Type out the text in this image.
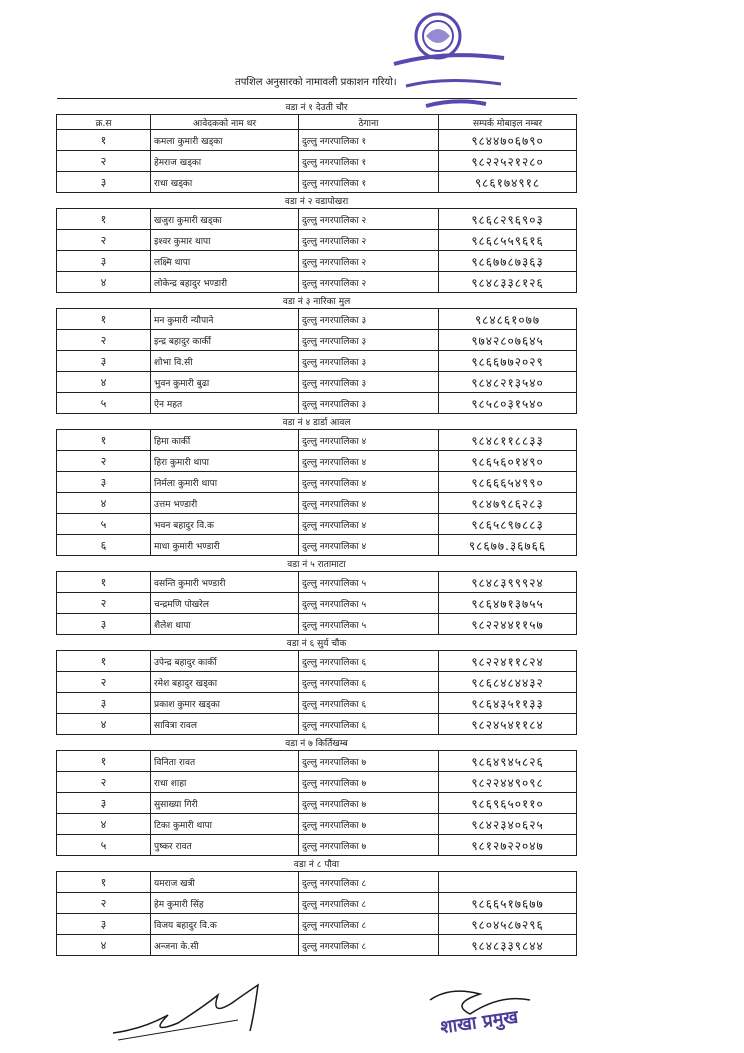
तपशिल अनुसारको नामावली प्रकाशन गरियो।
वडा नं १ देउती चौर			
क्र.स	आवेदकको नाम थर	ठेगाना	सम्पर्क मोबाइल नम्बर
१	कमला कुमारी खड्का	दुल्लु नगरपालिका १	९८४४७०६७९०
२	हेमराज खड्का	दुल्लु नगरपालिका १	९८२२५२१२८०
३	राधा खड्का	दुल्लु नगरपालिका १	९८६१७४९१८
वडा नं २ वडापोखरा			
१	खजुरा कुमारी खड्का	दुल्लु नगरपालिका २	९८६८२९६९०३
२	इश्वर कुमार थापा	दुल्लु नगरपालिका २	९८६८५५९६१६
३	लक्ष्मि थापा	दुल्लु नगरपालिका २	९८६७७८७३६३
४	लोकेन्द्र बहादुर भण्डारी	दुल्लु नगरपालिका २	९८४८३३८१२६
वडा नं ३ नारिका मुल			
१	मन कुमारी न्यौपाने	दुल्लु नगरपालिका ३	९८४८६१०७७
२	इन्द्र बहादुर कार्की	दुल्लु नगरपालिका ३	९७४२८०७६४५
३	शोभा वि.सी	दुल्लु नगरपालिका ३	९८६६७७२०२९
४	भुवन कुमारी बुढा	दुल्लु नगरपालिका ३	९८४८२१३५४०
५	ऐन महत	दुल्लु नगरपालिका ३	९८५८०३१५४०
वडा नं ४ डार्डा आवल			
१	हिमा कार्की	दुल्लु नगरपालिका ४	९८४८११८८३३
२	हिरा कुमारी थापा	दुल्लु नगरपालिका ४	९८६५६०१४९०
३	निर्मला कुमारी थापा	दुल्लु नगरपालिका ४	९८६६६५४९९०
४	उत्तम भण्डारी	दुल्लु नगरपालिका ४	९८४७९८६२८३
५	भवन बहादुर वि.क	दुल्लु नगरपालिका ४	९८६५८९७८८३
६	माधा कुमारी भण्डारी	दुल्लु नगरपालिका ४	९८६७७.३६७६६
वडा नं ५ रातामाटा			
१	वसन्ति कुमारी भण्डारी	दुल्लु नगरपालिका ५	९८४८३९९९२४
२	चन्द्रमणि पोखरेल	दुल्लु नगरपालिका ५	९८६४७१३७५५
३	शैलेश थापा	दुल्लु नगरपालिका ५	९८२२४४११५७
वडा नं ६ सुर्य चौक			
१	उपेन्द्र बहादुर कार्की	दुल्लु नगरपालिका ६	९८२२४११८२४
२	रमेश बहादुर खड्का	दुल्लु नगरपालिका ६	९८६८४८४४३२
३	प्रकाश कुमार खड्का	दुल्लु नगरपालिका ६	९८६४३५११३३
४	सावित्रा रावल	दुल्लु नगरपालिका ६	९८२४५४११८४
वडा नं ७ किर्तिखम्ब			
१	विनिता रावत	दुल्लु नगरपालिका ७	९८६४९४५८२६
२	राधा शाहा	दुल्लु नगरपालिका ७	९८२२४४९०९८
३	सुसाख्या गिरी	दुल्लु नगरपालिका ७	९८६९६५०११०
४	टिका कुमारी थापा	दुल्लु नगरपालिका ७	९८४२३४०६२५
५	पुष्कर रावत	दुल्लु नगरपालिका ७	९८१२७२२०४७
वडा नं ८ पौवा			
१	यमराज खत्री	दुल्लु नगरपालिका ८	
२	हेम कुमारी सिंह	दुल्लु नगरपालिका ८	९८६६५१७६७७
३	विजय बहादुर वि.क	दुल्लु नगरपालिका ८	९८०४५८७२९६
४	अन्जना के.सी	दुल्लु नगरपालिका ८	९८४८३३९८४४
शाखा प्रमुख
